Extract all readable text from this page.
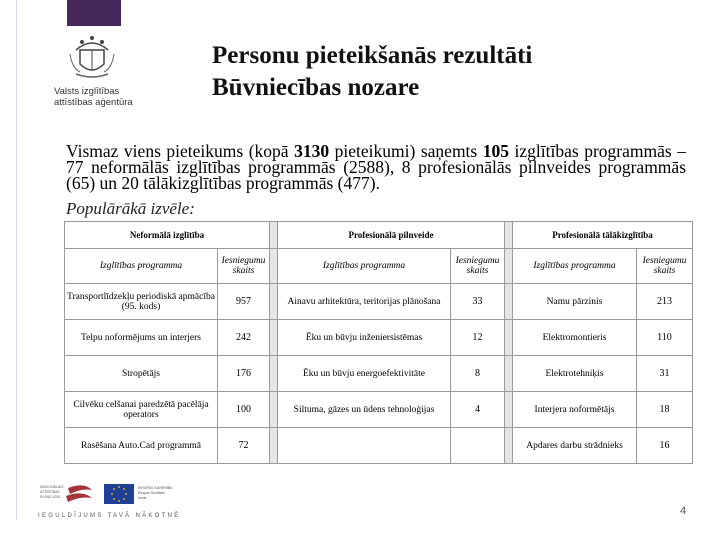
Valsts izglītības
attīstības aģentūra
Personu pieteikšanās rezultāti
Būvniecības nozare
Vismaz viens pieteikums (kopā 3130 pieteikumi) saņemts 105 izglītības programmās – 77 neformālās izglītības programmās (2588), 8 profesionālās pilnveides programmās (65) un 20 tālākizglītības programmās (477).
Populārākā izvēle:
Neformālā izglītība			Profesionālā pilnveide			Profesionālā tālākizglītība	
Izglītības programma	Iesniegumu skaits		Izglītības programma	Iesniegumu skaits		Izglītības programma	Iesniegumu skaits
Transportlīdzekļu periodiskā apmācība (95. kods)	957		Ainavu arhitektūra, teritorijas plānošana	33		Namu pārzinis	213
Telpu noformējums un interjers	242		Ēku un būvju inženiersistēmas	12		Elektromontieris	110
Stropētājs	176		Ēku un būvju energoefektivitāte	8		Elektrotehniķis	31
Cilvēku celšanai paredzētā pacēlāja operators	100		Siltuma, gāzes un ūdens tehnoloģijas	4		Interjera noformētājs	18
Rasēšana Auto.Cad programmā	72					Apdares darbu strādnieks	16
NACIONĀLAIS
ATTĪSTĪBAS
PLĀNS 2020
EIROPAS SAVIENĪBA
Eiropas Sociālais
fonds
IEGULDĪJUMS TAVĀ NĀKOTNĒ	4
